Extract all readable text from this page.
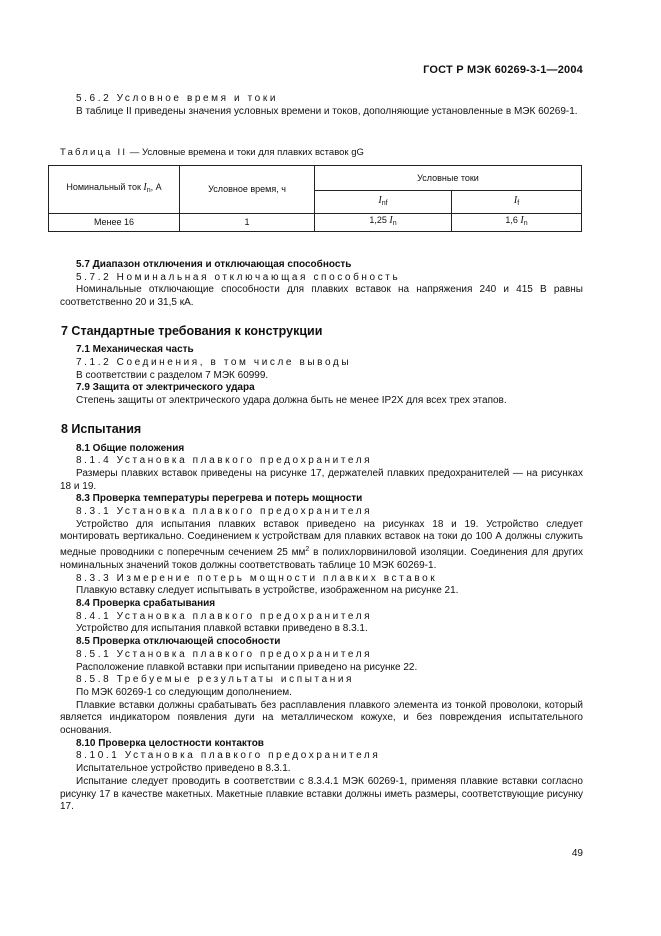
ГОСТ Р МЭК 60269-3-1—2004

5.6.2 Условное время и токи

В таблице II приведены значения условных времени и токов, дополняющие установленные в МЭК 60269-1.

Таблица II — Условные времена и токи для плавких вставок gG

Номинальный ток $I_n$, А	Условное время, ч	Условные токи	
		$I_{nf}$	$I_f$
Менее 16	1	1,25 $I_n$	1,6 $I_n$

5.7 Диапазон отключения и отключающая способность

5.7.2 Номинальная отключающая способность

Номинальные отключающие способности для плавких вставок на напряжения 240 и 415 В равны соответственно 20 и 31,5 кА.

7 Стандартные требования к конструкции

7.1 Механическая часть

7.1.2 Соединения, в том числе выводы

В соответствии с разделом 7 МЭК 60999.

7.9 Защита от электрического удара

Степень защиты от электрического удара должна быть не менее IP2X для всех трех этапов.

8 Испытания

8.1 Общие положения

8.1.4 Установка плавкого предохранителя

Размеры плавких вставок приведены на рисунке 17, держателей плавких предохранителей — на рисунках 18 и 19.

8.3 Проверка температуры перегрева и потерь мощности

8.3.1 Установка плавкого предохранителя

Устройство для испытания плавких вставок приведено на рисунках 18 и 19. Устройство следует монтировать вертикально. Соединением к устройствам для плавких вставок на токи до 100 А должны служить медные проводники с поперечным сечением 25 $мм^2$ в полихлорвиниловой изоляции. Соединения для других номинальных значений токов должны соответствовать таблице 10 МЭК 60269-1.

8.3.3 Измерение потерь мощности плавких вставок

Плавкую вставку следует испытывать в устройстве, изображенном на рисунке 21.

8.4 Проверка срабатывания

8.4.1 Установка плавкого предохранителя

Устройство для испытания плавкой вставки приведено в 8.3.1.

8.5 Проверка отключающей способности

8.5.1 Установка плавкого предохранителя

Расположение плавкой вставки при испытании приведено на рисунке 22.

8.5.8 Требуемые результаты испытания

По МЭК 60269-1 со следующим дополнением.

Плавкие вставки должны срабатывать без расплавления плавкого элемента из тонкой проволоки, который является индикатором появления дуги на металлическом кожухе, и без повреждения испытательного основания.

8.10 Проверка целостности контактов

8.10.1 Установка плавкого предохранителя

Испытательное устройство приведено в 8.3.1.

Испытание следует проводить в соответствии с 8.3.4.1 МЭК 60269-1, применяя плавкие вставки согласно рисунку 17 в качестве макетных. Макетные плавкие вставки должны иметь размеры, соответствующие рисунку 17.

49
